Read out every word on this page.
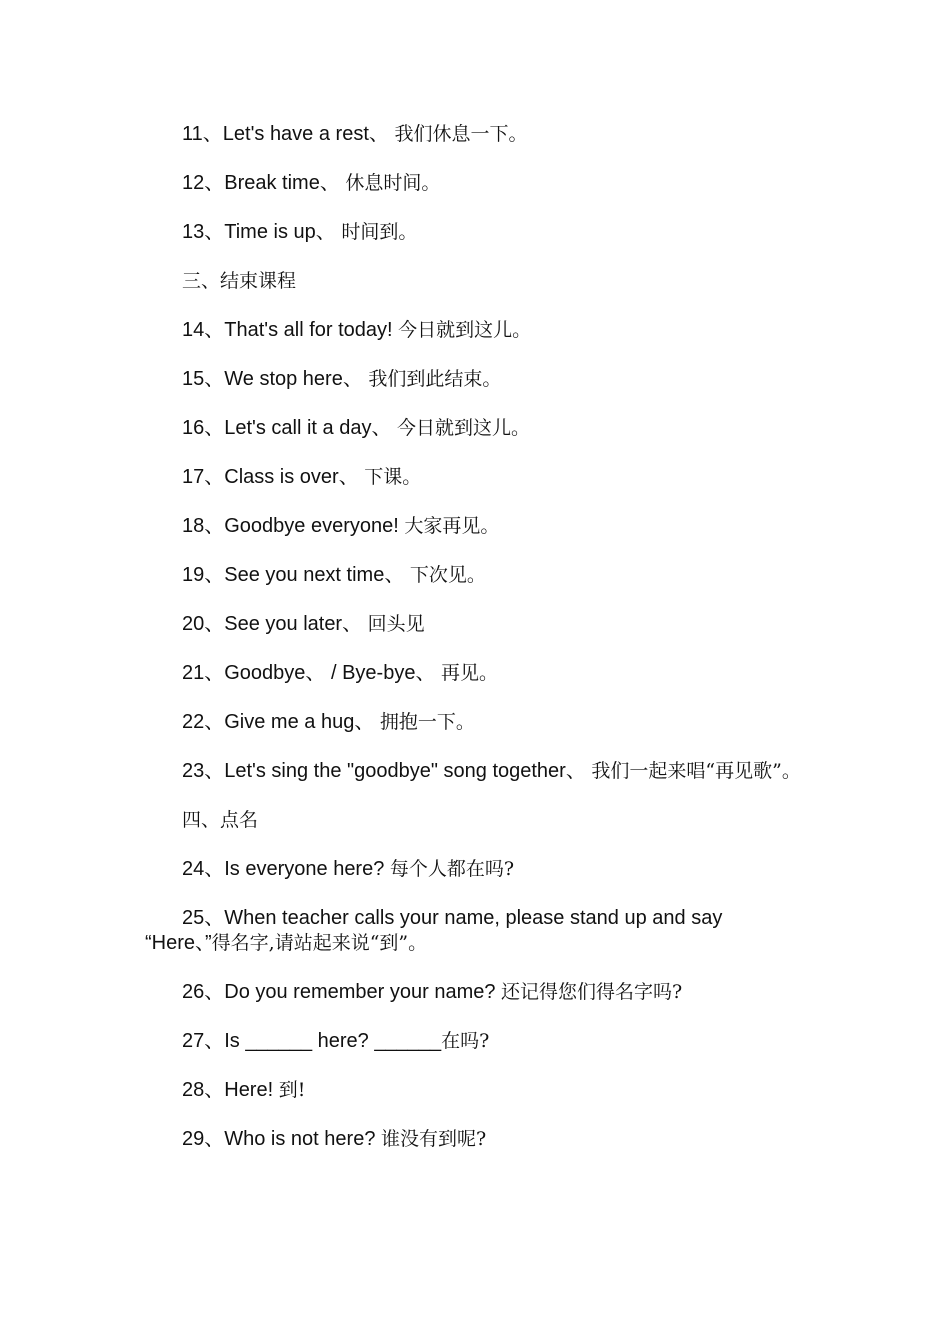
11、Let's have a rest、 我们休息一下。

12、Break time、 休息时间。

13、Time is up、 时间到。

三、结束课程

14、That's all for today! 今日就到这儿。

15、We stop here、 我们到此结束。

16、Let's call it a day、 今日就到这儿。

17、Class is over、 下课。

18、Goodbye everyone! 大家再见。

19、See you next time、 下次见。

20、See you later、 回头见

21、Goodbye、 / Bye-bye、 再见。

22、Give me a hug、 拥抱一下。

23、Let's sing the "goodbye" song together、 我们一起来唱“再见歌”。

四、点名

24、Is everyone here? 每个人都在吗?

25、When teacher calls your name, please stand up and say “Here、”得名字,请站起来说“到”。

26、Do you remember your name? 还记得您们得名字吗?

27、Is ______ here? ______在吗?

28、Here! 到!

29、Who is not here? 谁没有到呢?
